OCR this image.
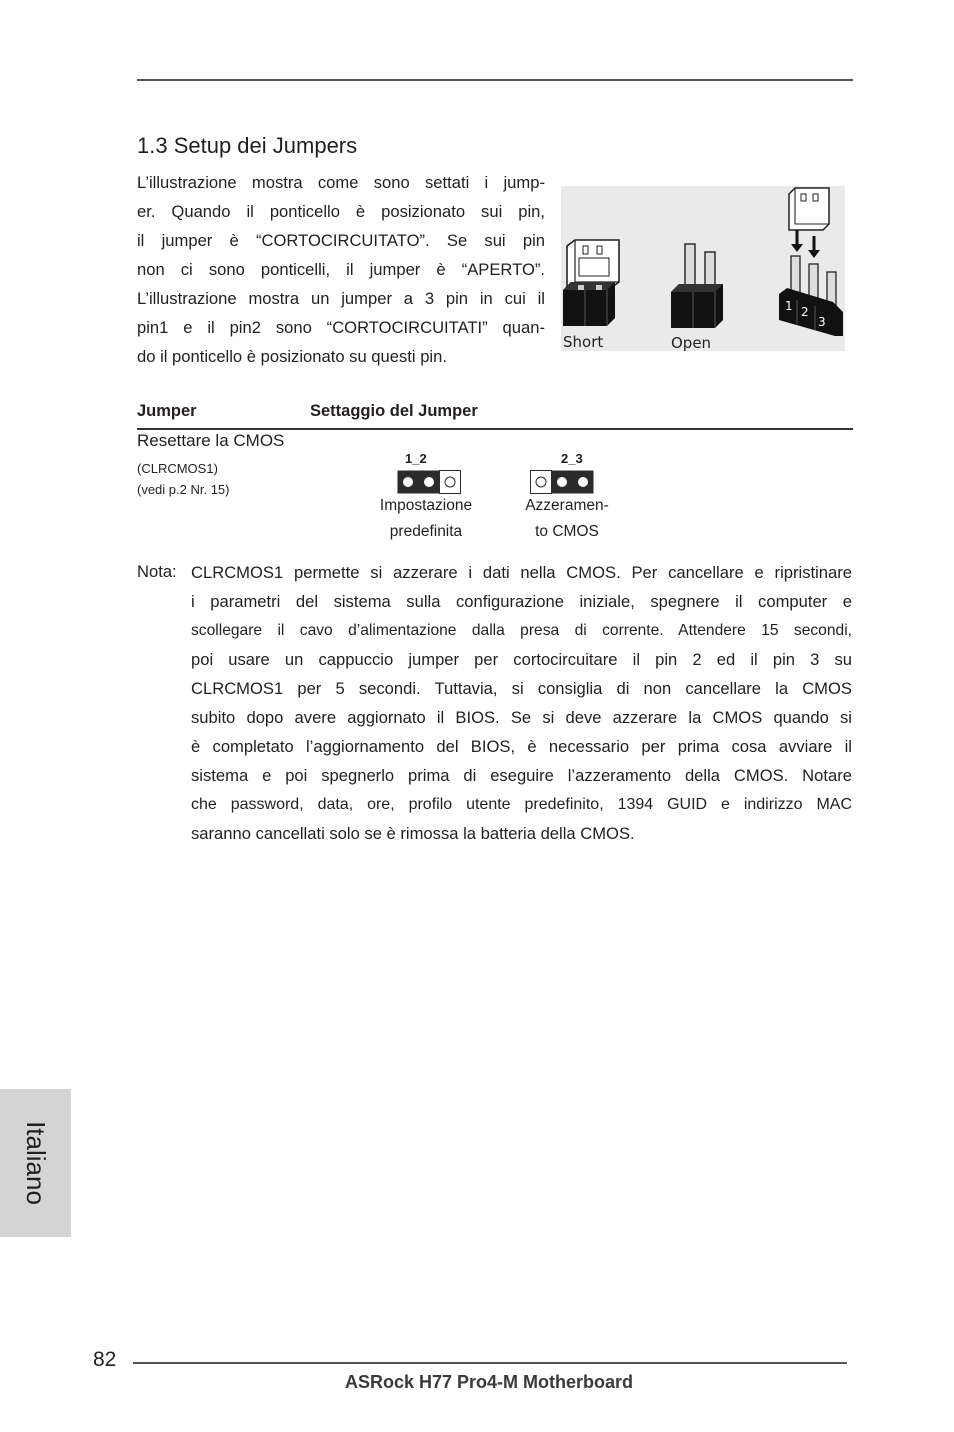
1.3 Setup dei Jumpers
L’illustrazione mostra come sono settati i jump-
er. Quando il ponticello è posizionato sui pin,
il jumper è “CORTOCIRCUITATO”. Se sui pin
non ci sono ponticelli, il jumper è “APERTO”.
L’illustrazione mostra un jumper a 3 pin in cui il
pin1 e il pin2 sono “CORTOCIRCUITATI” quan-
do il ponticello è posizionato su questi pin.
Short	Open
1 2
3
Jumper	Settaggio del Jumper
Resettare la CMOS
(CLRCMOS1)
(vedi p.2 Nr. 15)
1_2
Impostazione
predefinita
2_3
Azzeramen-
to CMOS
Nota: CLRCMOS1 permette si azzerare i dati nella CMOS. Per cancellare e ripristinare
i parametri del sistema sulla configurazione iniziale, spegnere il computer e
scollegare il cavo d’alimentazione dalla presa di corrente. Attendere 15 secondi,
poi usare un cappuccio jumper per cortocircuitare il pin 2 ed il pin 3 su
CLRCMOS1 per 5 secondi. Tuttavia, si consiglia di non cancellare la CMOS
subito dopo avere aggiornato il BIOS. Se si deve azzerare la CMOS quando si
è completato l’aggiornamento del BIOS, è necessario per prima cosa avviare il
sistema e poi spegnerlo prima di eseguire l’azzeramento della CMOS. Notare
che password, data, ore, profilo utente predefinito, 1394 GUID e indirizzo MAC
saranno cancellati solo se è rimossa la batteria della CMOS.
Italiano
82
ASRock H77 Pro4-M Motherboard
